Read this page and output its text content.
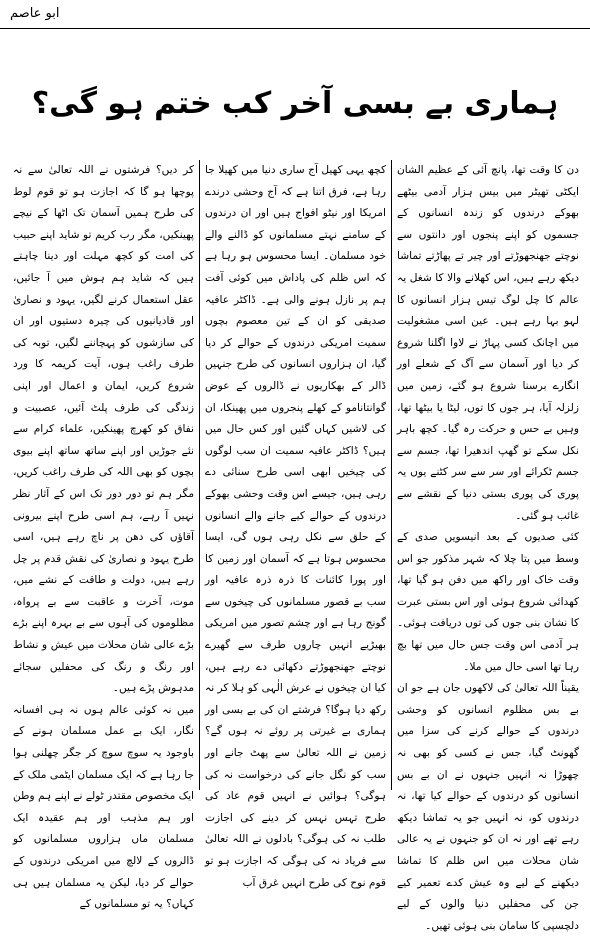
ابو عاصم
ہماری بے بسی آخر کب ختم ہو گی؟

دن کا وقت تھا، پانچ آئی کے عظیم الشان ایکٹی تھیٹر میں بیس ہزار آدمی بیٹھے بھوکے درندوں کو زندہ انسانوں کے جسموں کو اپنے پنجوں اور دانتوں سے نوچتے جھنجھوڑتے اور چیر تے پھاڑتے تماشا دیکھ رہے ہیں، اس کھلانے والا کا شغل یہ عالم کا چل لوگ تیس ہزار انسانوں کا لہو بہا رہے ہیں۔ عین اسی مشغولیت میں اچانک کسی پہاڑ نے لاوا اگلنا شروع کر دیا اور آسمان سے آگ کے شعلے اور انگارے برسنا شروع ہو گئے، زمین میں زلزلہ آیا، ہر جوں کا توں، لیٹا یا بیٹھا تھا، وہیں بے حس و حرکت رہ گیا۔ کچھ باہر نکل سکے تو گھپ اندھیرا تھا، جسم سے جسم ٹکرائے اور سر سے سر کٹنے یوں یہ پوری کی پوری بستی دنیا کے نقشے سے غائب ہو گئی۔

کئی صدیوں کے بعد انیسویں صدی کے وسط میں پتا چلا کہ شہر مذکور جو اس وقت خاک اور راکھ میں دفن ہو گیا تھا، کھدائی شروع ہوئی اور اس بستی عبرت کا نشان بنی جوں کی توں دریافت ہوئی۔ ہر آدمی اس وقت جس حال میں تھا بچ رہا تھا اسی حال میں ملا۔

یقیناً اللہ تعالیٰ کی لاکھوں جان ہے جو ان بے بس مظلوم انسانوں کو وحشی درندوں کے حوالے کرنے کی سزا میں گھونٹ گیا، جس نے کسی کو بھی نہ چھوڑا نہ انہیں جنہوں نے ان بے بس انسانوں کو درندوں کے حوالے کیا تھا، نہ درندوں کو، نہ انہیں جو یہ تماشا دیکھ رہے تھے اور نہ ان کو جنہوں نے یہ عالی شان محلات میں اس ظلم کا تماشا دیکھنے کے لیے وہ عیش کدے تعمیر کیے جن کی محفلیں دنیا والوں کے لیے دلچسپی کا سامان بنی ہوئی تھیں۔

کچھ یہی کھیل آج ساری دنیا میں کھیلا جا رہا ہے، فرق اتنا ہے کہ آج وحشی درندے امریکا اور نیٹو افواج ہیں اور ان درندوں کے سامنے نہتے مسلمانوں کو ڈالنے والے خود مسلمان۔ ایسا محسوس ہو رہا ہے کہ اس ظلم کی پاداش میں کوئی آفت ہم پر نازل ہونے والی ہے۔ ڈاکٹر عافیہ صدیقی کو ان کے تین معصوم بچوں سمیت امریکی درندوں کے حوالے کر دیا گیا، ان ہزاروں انسانوں کی طرح جنہیں ڈالر کے بھکاریوں نے ڈالروں کے عوض گوانتانامو کے کھلے پنجروں میں پھینکا، ان کی لاشیں کہاں گئیں اور کس حال میں ہیں؟ ڈاکٹر عافیہ سمیت ان سب لوگوں کی چیخیں ابھی اسی طرح سنائی دے رہی ہیں، جیسے اس وقت وحشی بھوکے درندوں کے حوالے کیے جانے والے انسانوں کے حلق سے نکل رہی ہوں گی، ایسا محسوس ہوتا ہے کہ آسمان اور زمین کا اور پورا کائنات کا ذرہ ذرہ عافیہ اور سب بے قصور مسلمانوں کی چیخوں سے گونج رہا ہے اور چشم تصور میں امریکی بھیڑیے انہیں چاروں طرف سے گھیرے نوچتے جھنجھوڑتے دکھائی دے رہے ہیں، کیا ان چیخوں نے عرش الٰہی کو ہلا کر نہ رکھ دیا ہوگا؟ فرشتے ان کی بے بسی اور ہماری بے غیرتی پر روئے نہ ہوں گے؟ زمین نے اللہ تعالیٰ سے پھٹ جانے اور سب کو نگل جانے کی درخواست نہ کی ہوگی؟ ہوائیں نے انہیں قوم عاد کی طرح تہس نہس کر دینے کی اجازت طلب نہ کی ہوگی؟ بادلوں نے اللہ تعالیٰ سے فریاد نہ کی ہوگی کہ اجازت ہو تو قوم نوح کی طرح انہیں غرق آب

کر دیں؟ فرشتوں نے اللہ تعالیٰ سے نہ پوچھا ہو گا کہ اجازت ہو تو قوم لوط کی طرح ہمیں آسمان تک اٹھا کے نیچے پھینکیں، مگر رب کریم تو شاید اپنے حبیب کی امت کو کچھ مہلت اور دینا چاہتے ہیں کہ شاید ہم ہوش میں آ جائیں، عقل استعمال کرنے لگیں، یہود و نصاریٰ اور قادیانیوں کی چیرہ دستیوں اور ان کی سازشوں کو پہچاننے لگیں، توبہ کی طرف راغب ہوں، آیت کریمہ کا ورد شروع کریں، ایمان و اعمال اور اپنی زندگی کی طرف پلٹ آئیں، عصبیت و نفاق کو کھرچ پھینکیں، علماء کرام سے نئے جوڑیں اور اپنے ساتھ ساتھ اپنے بیوی بچوں کو بھی اللہ کی طرف راغب کریں، مگر ہم تو دور دور تک اس کے آثار نظر نہیں آ رہے، ہم اسی طرح اپنے بیرونی آقاؤں کی دھن پر ناچ رہے ہیں، اسی طرح یہود و نصاریٰ کی نقش قدم پر چل رہے ہیں، دولت و طاقت کے نشے میں، موت، آخرت و عاقبت سے بے پرواہ، مظلوموں کی آہوں سے بے بہرہ اپنے بڑے بڑے عالی شان محلات میں عیش و نشاط اور رنگ و رنگ کی محفلیں سجائے مدہوش پڑے ہیں۔

میں نہ کوئی عالم ہوں نہ ہی افسانہ نگار، ایک بے عمل مسلمان ہونے کے باوجود یہ سوچ سوچ کر جگر چھلنی ہوا جا رہا ہے کہ ایک مسلمان ایٹمی ملک کے ایک مخصوص مقتدر ٹولے نے اپنے ہم وطن اور ہم مذہب اور ہم عقیدہ ایک مسلمان ماں ہزاروں مسلمانوں کو ڈالروں کے لالچ میں امریکی درندوں کے حوالے کر دیا، لیکن یہ مسلمان ہیں ہی کہاں؟ یہ تو مسلمانوں کے
